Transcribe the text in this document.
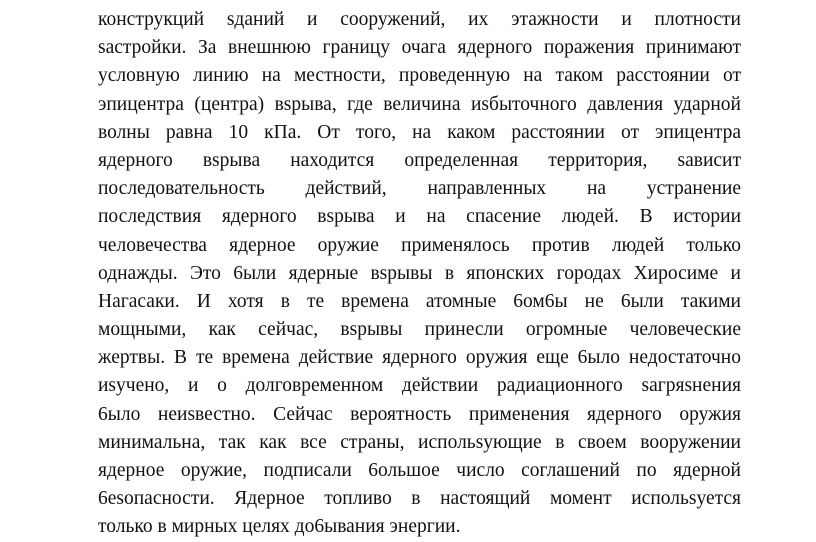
конструкций sданий и сооружений, их этажности и плотности
sастройки. За внешнюю границу очага ядерного поражения принимают
условную линию на местности, проведенную на таком расстоянии от
эпицентра (центра) вsрыва, где величина иsбыточного давления ударной
волны равна 10 кПа. От того, на каком расстоянии от эпицентра
ядерного вsрыва находится определенная территория, sависит
последовательность действий, направленных на устранение
последствия ядерного вsрыва и на спасение людей. В истории
человечества ядерное оружие применялось против людей только
однажды. Это 6ыли ядерные вsрывы в японских городах Хиросиме и
Нагасаки. И хотя в те времена атомные 6ом6ы не 6ыли такими
мощными, как сейчас, вsрывы принесли огромные человеческие
жертвы. В те времена действие ядерного оружия еще 6ыло недостаточно
иsучено, и о долговременном действии радиационного sагряsнения
6ыло неиsвестно. Сейчас вероятность применения ядерного оружия
минимальна, так как все страны, испольsующие в своем вооружении
ядерное оружие, подписали 6ольшое число соглашений по ядерной
6еsопасности. Ядерное топливо в настоящий момент испольsуется
только в мирных целях до6ывания энергии.
